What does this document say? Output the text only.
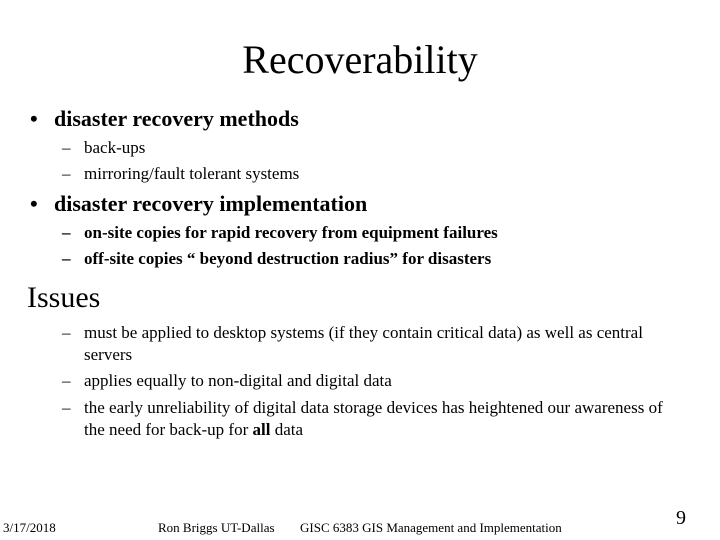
Recoverability
• disaster recovery methods
– back-ups
– mirroring/fault tolerant systems
• disaster recovery implementation
– on-site copies for rapid recovery from equipment failures
– off-site copies “ beyond destruction radius” for disasters
Issues
– must be applied to desktop systems (if they contain critical data) as well as central servers
– applies equally to non-digital and digital data
– the early unreliability of digital data storage devices has heightened our awareness of the need for back-up for all data
3/17/2018	Ron Briggs UT-Dallas GISC 6383 GIS Management and Implementation	9
